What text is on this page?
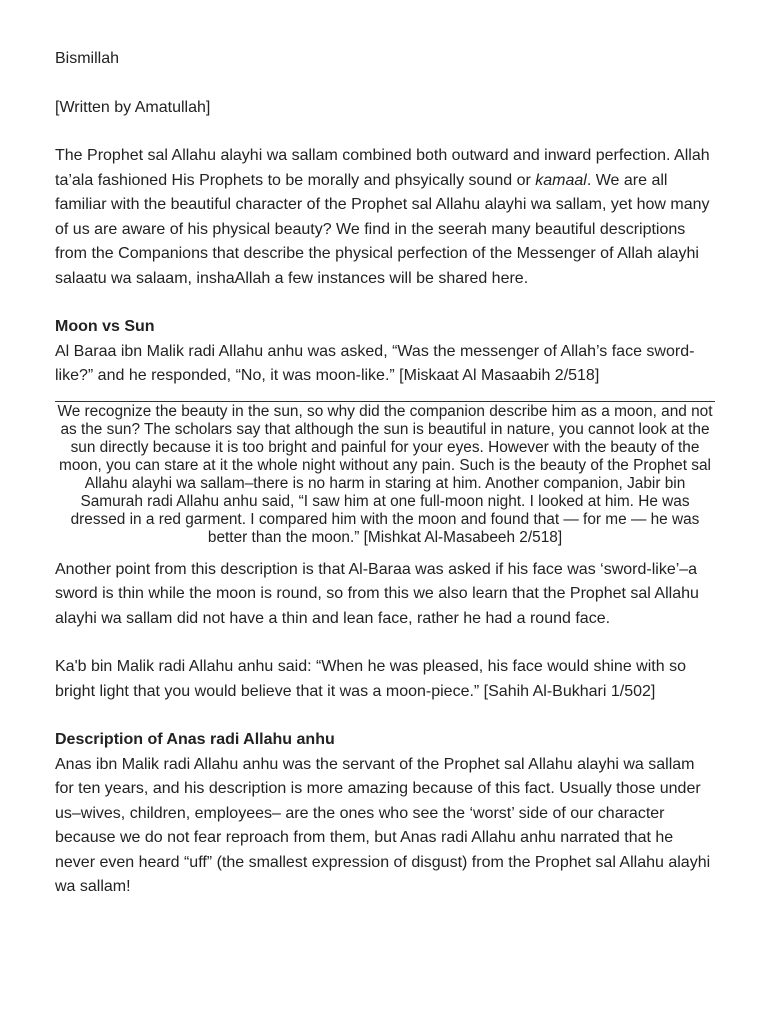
Bismillah

[Written by Amatullah]

The Prophet sal Allahu alayhi wa sallam combined both outward and inward perfection. Allah ta’ala fashioned His Prophets to be morally and phsyically sound or kamaal. We are all familiar with the beautiful character of the Prophet sal Allahu alayhi wa sallam, yet how many of us are aware of his physical beauty? We find in the seerah many beautiful descriptions from the Companions that describe the physical perfection of the Messenger of Allah alayhi salaatu wa salaam, inshaAllah a few instances will be shared here.

Moon vs Sun

Al Baraa ibn Malik radi Allahu anhu was asked, “Was the messenger of Allah’s face sword-like?” and he responded, “No, it was moon-like.” [Miskaat Al Masaabih 2/518]

We recognize the beauty in the sun, so why did the companion describe him as a moon, and not as the sun? The scholars say that although the sun is beautiful in nature, you cannot look at the sun directly because it is too bright and painful for your eyes. However with the beauty of the moon, you can stare at it the whole night without any pain. Such is the beauty of the Prophet sal Allahu alayhi wa sallam–there is no harm in staring at him. Another companion, Jabir bin Samurah radi Allahu anhu said, “I saw him at one full-moon night. I looked at him. He was dressed in a red garment. I compared him with the moon and found that — for me — he was better than the moon.” [Mishkat Al-Masabeeh 2/518]

Another point from this description is that Al-Baraa was asked if his face was ‘sword-like’–a sword is thin while the moon is round, so from this we also learn that the Prophet sal Allahu alayhi wa sallam did not have a thin and lean face, rather he had a round face.

Ka'b bin Malik radi Allahu anhu said: “When he was pleased, his face would shine with so bright light that you would believe that it was a moon-piece.” [Sahih Al-Bukhari 1/502]

Description of Anas radi Allahu anhu

Anas ibn Malik radi Allahu anhu was the servant of the Prophet sal Allahu alayhi wa sallam for ten years, and his description is more amazing because of this fact. Usually those under us–wives, children, employees– are the ones who see the ‘worst’ side of our character because we do not fear reproach from them, but Anas radi Allahu anhu narrated that he never even heard “uff” (the smallest expression of disgust) from the Prophet sal Allahu alayhi wa sallam!
